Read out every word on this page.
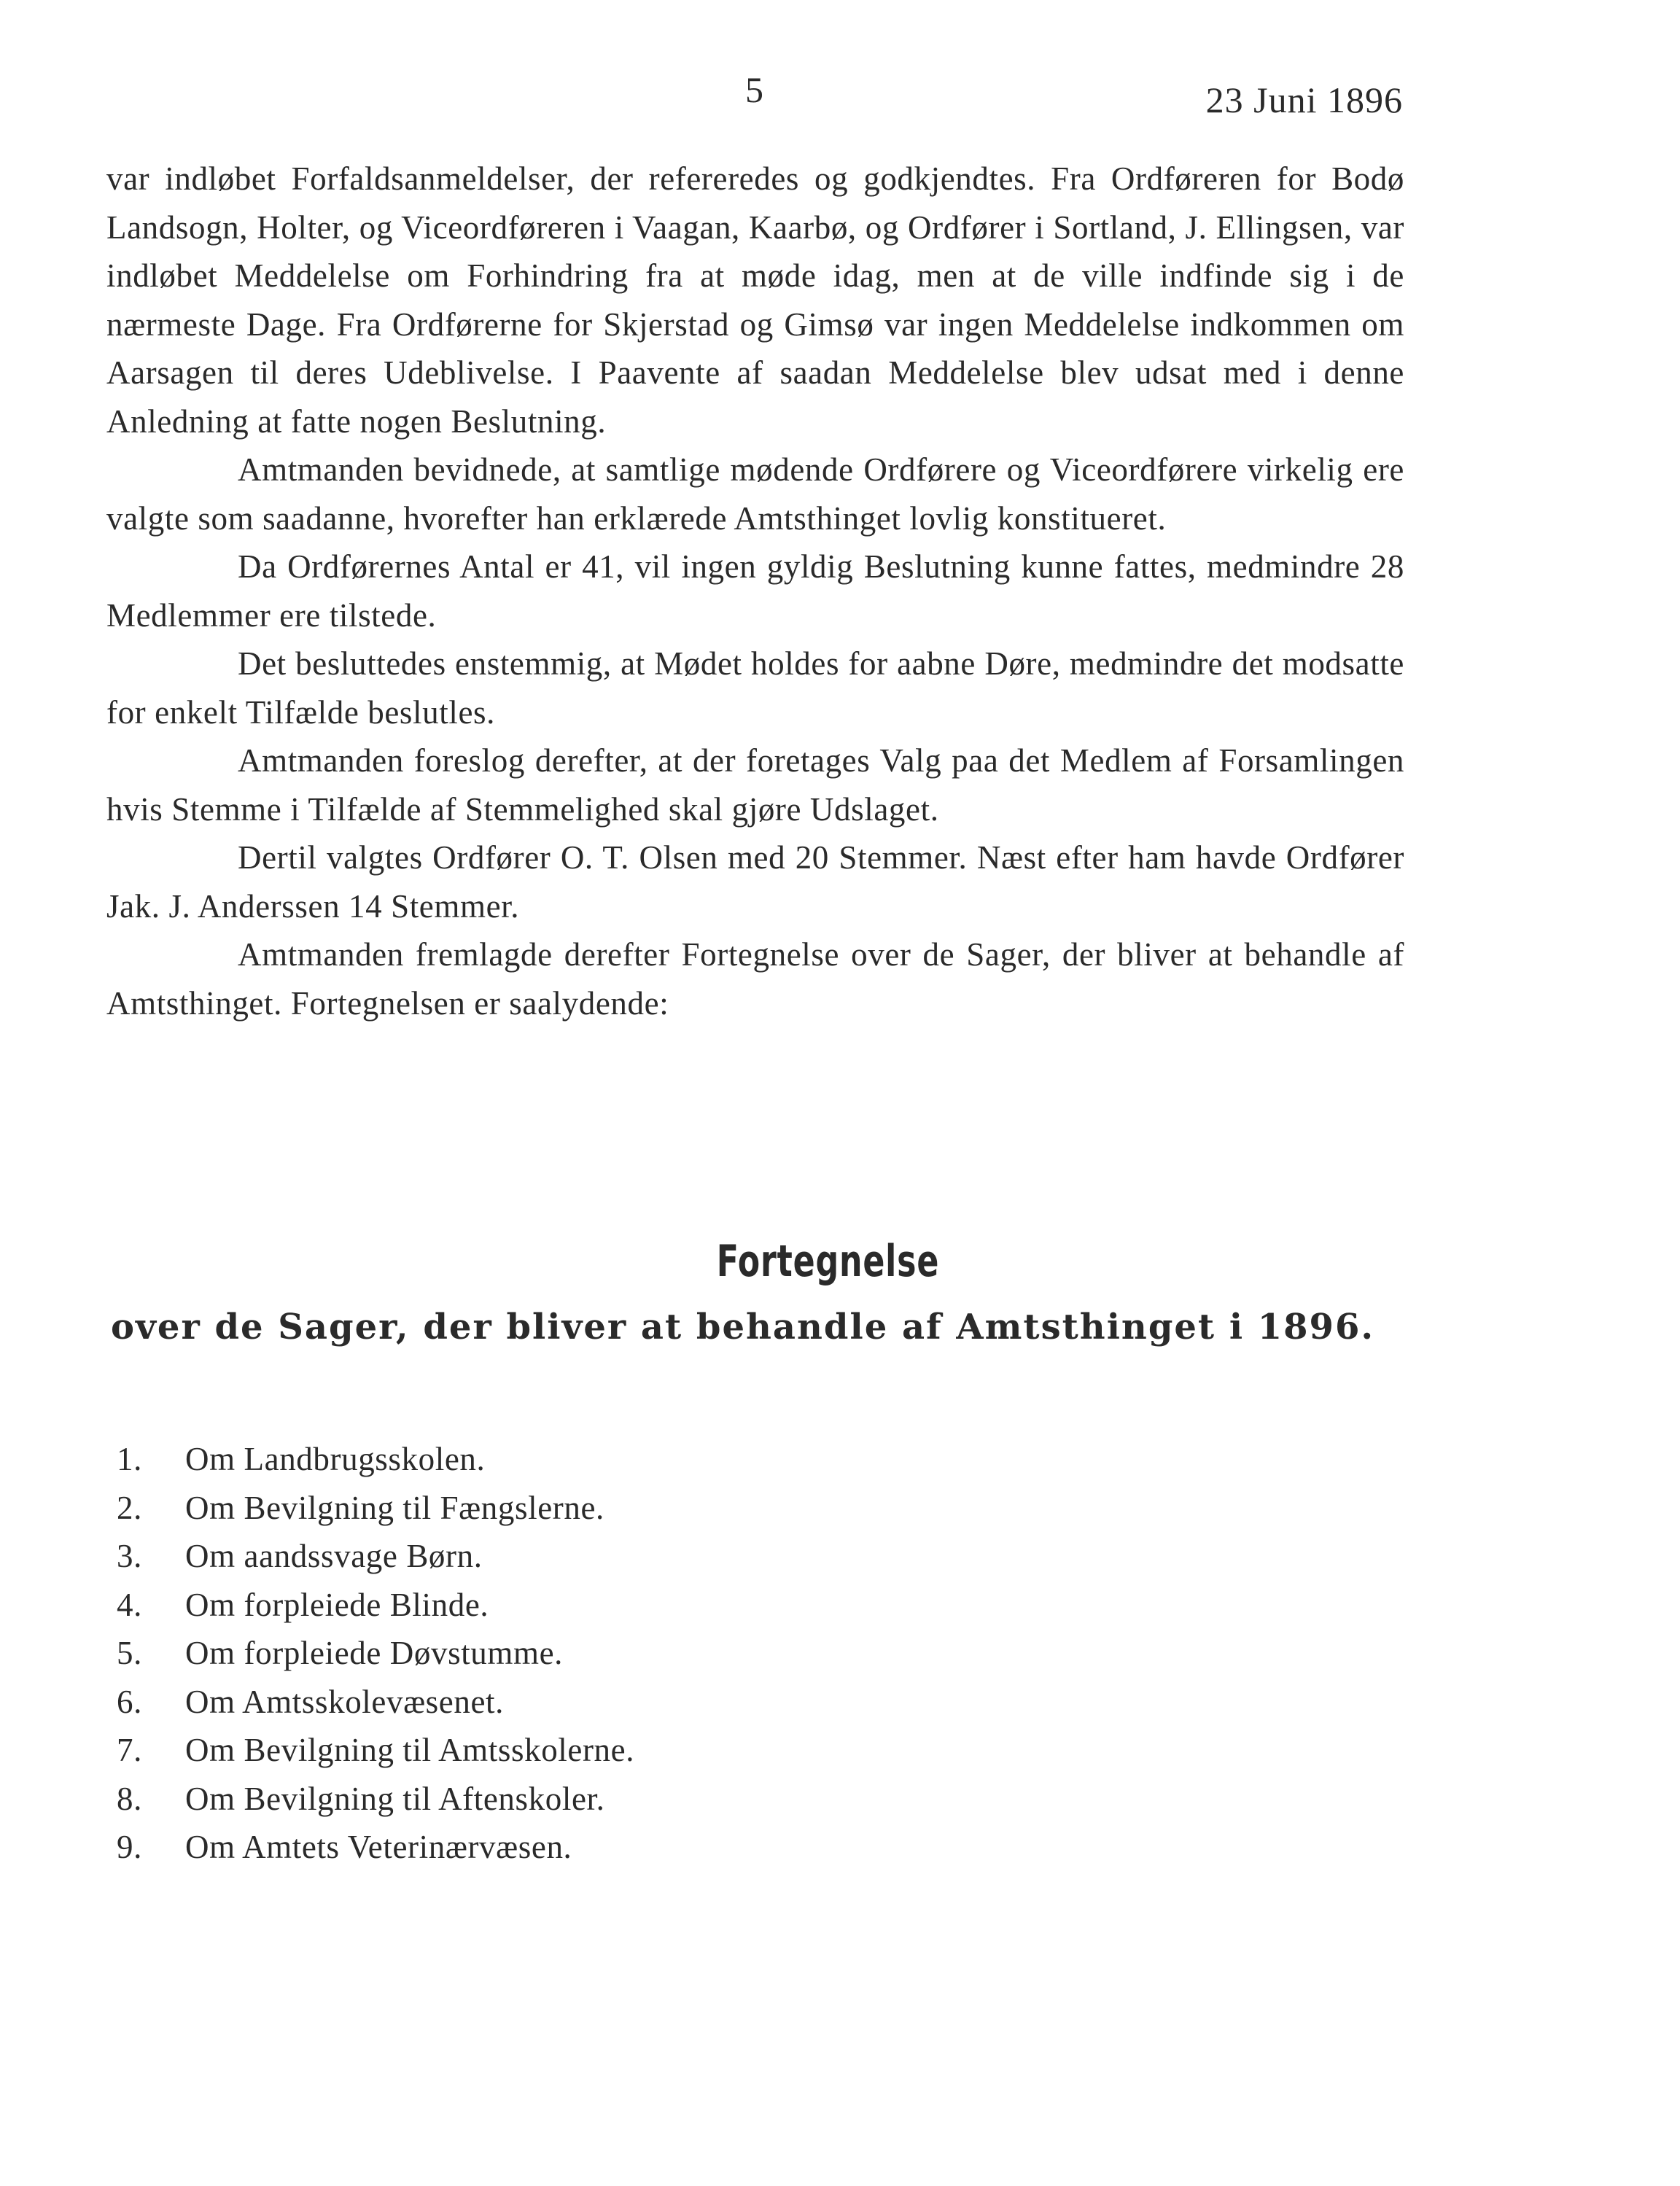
5	23 Juni 1896

var indløbet Forfaldsanmeldelser, der refereredes og godkjendtes. Fra Ordføreren for Bodø Landsogn, Holter, og Viceordføreren i Vaagan, Kaarbø, og Ordfører i Sortland, J. Ellingsen, var indløbet Meddelelse om Forhindring fra at møde idag, men at de ville indfinde sig i de nærmeste Dage. Fra Ordførerne for Skjerstad og Gimsø var ingen Meddelelse indkommen om Aarsagen til deres Udeblivelse. I Paavente af saadan Meddelelse blev udsat med i denne Anledning at fatte nogen Beslutning.

Amtmanden bevidnede, at samtlige mødende Ordførere og Viceordførere virkelig ere valgte som saadanne, hvorefter han erklærede Amtsthinget lovlig konstitueret.

Da Ordførernes Antal er 41, vil ingen gyldig Beslutning kunne fattes, medmindre 28 Medlemmer ere tilstede.

Det besluttedes enstemmig, at Mødet holdes for aabne Døre, medmindre det modsatte for enkelt Tilfælde beslutles.

Amtmanden foreslog derefter, at der foretages Valg paa det Medlem af Forsamlingen hvis Stemme i Tilfælde af Stemmelighed skal gjøre Udslaget.

Dertil valgtes Ordfører O. T. Olsen med 20 Stemmer. Næst efter ham havde Ordfører Jak. J. Anderssen 14 Stemmer.

Amtmanden fremlagde derefter Fortegnelse over de Sager, der bliver at behandle af Amtsthinget. Fortegnelsen er saalydende:

Fortegnelse
over de Sager, der bliver at behandle af Amtsthinget i 1896.
1.	Om Landbrugsskolen.
2.	Om Bevilgning til Fængslerne.
3.	Om aandssvage Børn.
4.	Om forpleiede Blinde.
5.	Om forpleiede Døvstumme.
6.	Om Amtsskolevæsenet.
7.	Om Bevilgning til Amtsskolerne.
8.	Om Bevilgning til Aftenskoler.
9.	Om Amtets Veterinærvæsen.
